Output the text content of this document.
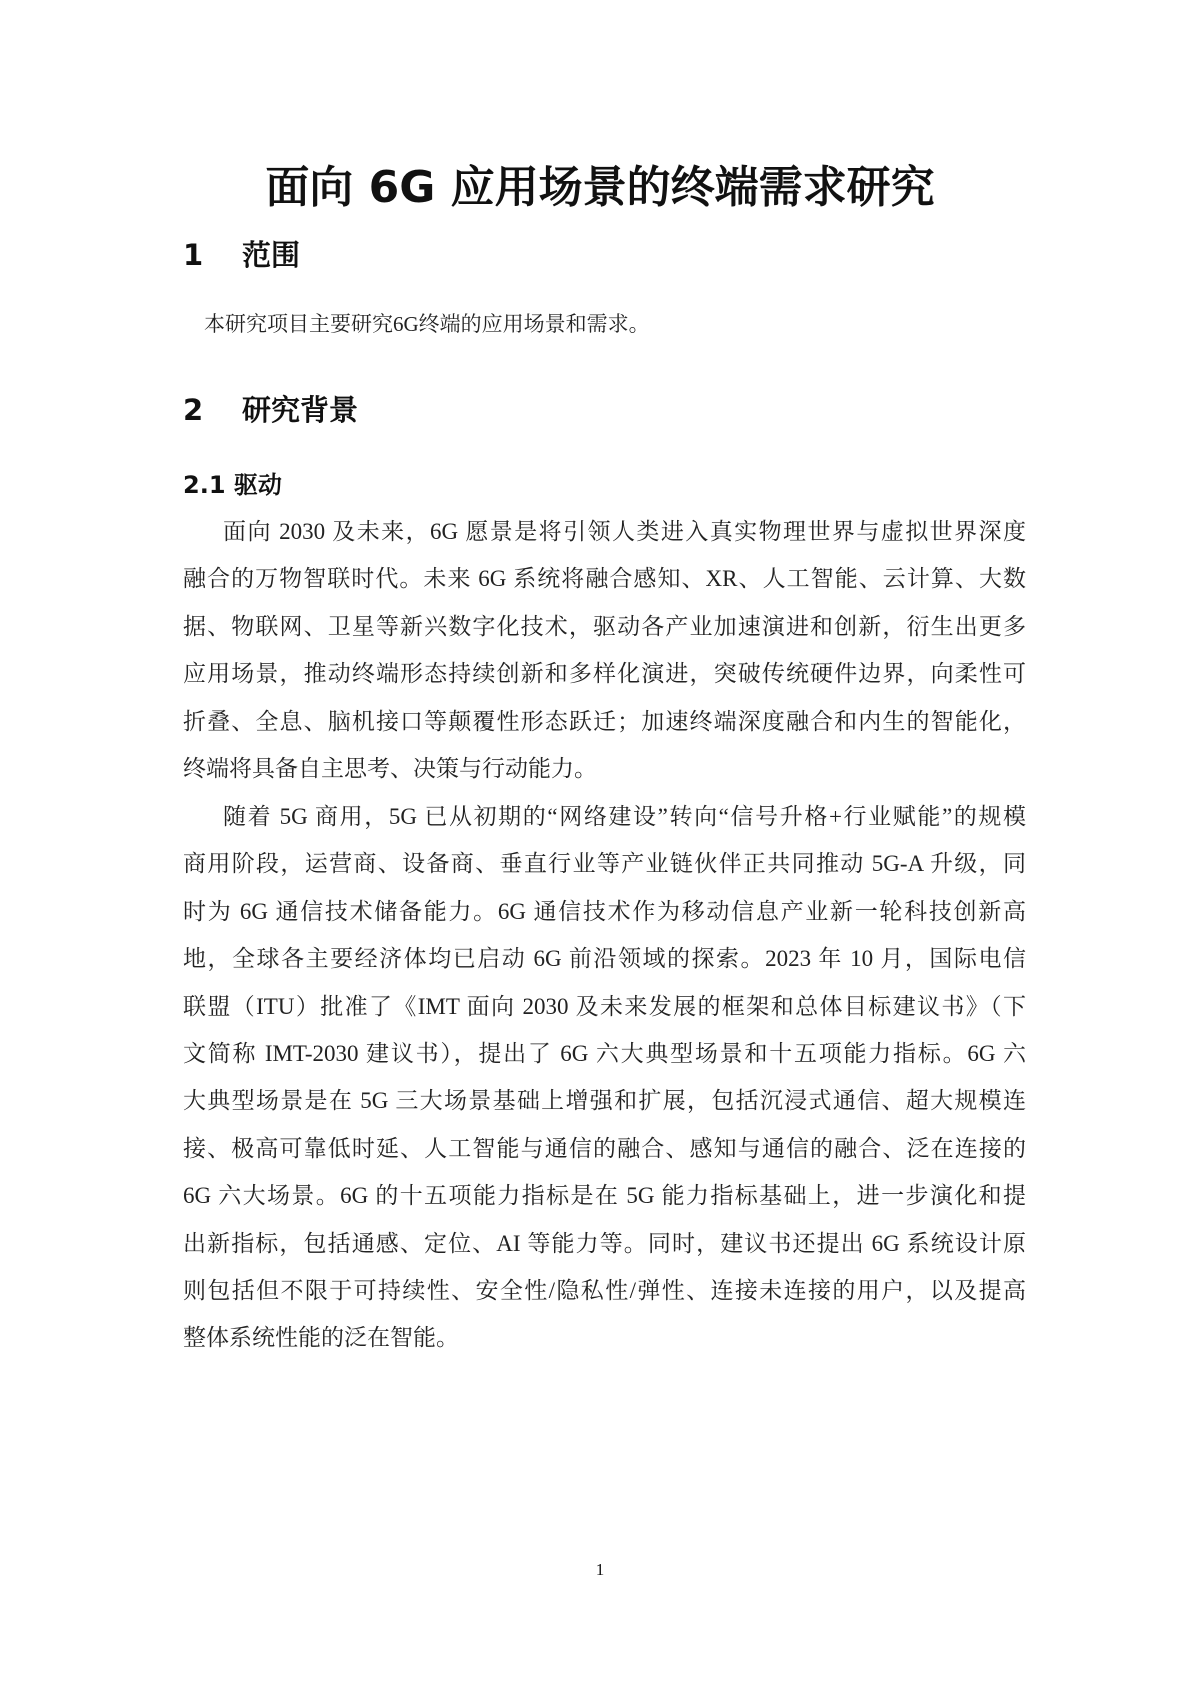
面向 6G 应用场景的终端需求研究
1 范围
本研究项目主要研究6G终端的应用场景和需求。
2 研究背景
2.1 驱动
面向 2030 及未来，6G 愿景是将引领人类进入真实物理世界与虚拟世界深度
融合的万物智联时代。未来 6G 系统将融合感知、XR、人工智能、云计算、大数
据、物联网、卫星等新兴数字化技术，驱动各产业加速演进和创新，衍生出更多
应用场景，推动终端形态持续创新和多样化演进，突破传统硬件边界，向柔性可
折叠、全息、脑机接口等颠覆性形态跃迁；加速终端深度融合和内生的智能化，
终端将具备自主思考、决策与行动能力。
随着 5G 商用，5G 已从初期的“网络建设”转向“信号升格+行业赋能”的规模
商用阶段，运营商、设备商、垂直行业等产业链伙伴正共同推动 5G-A 升级，同
时为 6G 通信技术储备能力。6G 通信技术作为移动信息产业新一轮科技创新高
地，全球各主要经济体均已启动 6G 前沿领域的探索。2023 年 10 月，国际电信
联盟（ITU）批准了《IMT 面向 2030 及未来发展的框架和总体目标建议书》（下
文简称 IMT-2030 建议书），提出了 6G 六大典型场景和十五项能力指标。6G 六
大典型场景是在 5G 三大场景基础上增强和扩展，包括沉浸式通信、超大规模连
接、极高可靠低时延、人工智能与通信的融合、感知与通信的融合、泛在连接的
6G 六大场景。6G 的十五项能力指标是在 5G 能力指标基础上，进一步演化和提
出新指标，包括通感、定位、AI 等能力等。同时，建议书还提出 6G 系统设计原
则包括但不限于可持续性、安全性/隐私性/弹性、连接未连接的用户，以及提高
整体系统性能的泛在智能。
1
